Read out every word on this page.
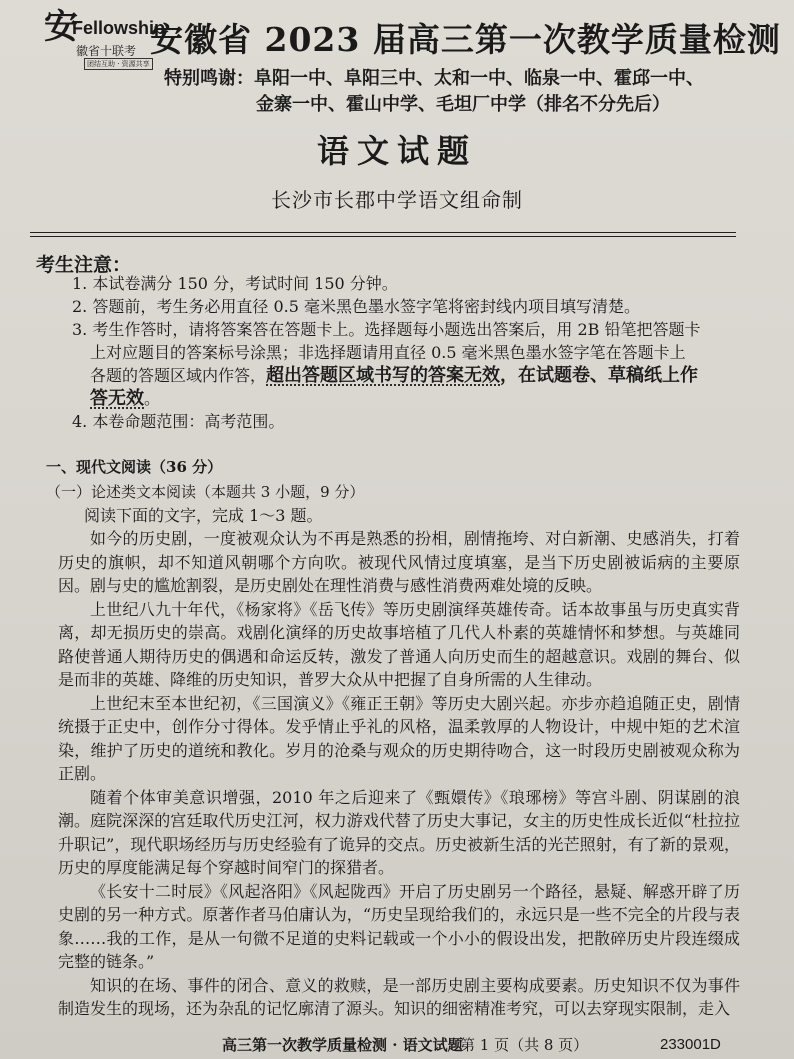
安
Fellowship
徽省十联考
团结互助 · 资源共享
安徽省 2023 届高三第一次教学质量检测
特别鸣谢：阜阳一中、阜阳三中、太和一中、临泉一中、霍邱一中、
金寨一中、霍山中学、毛坦厂中学（排名不分先后）
语文试题
长沙市长郡中学语文组命制
考生注意：

1. 本试卷满分 150 分，考试时间 150 分钟。

2. 答题前，考生务必用直径 0.5 毫米黑色墨水签字笔将密封线内项目填写清楚。

3. 考生作答时，请将答案答在答题卡上。选择题每小题选出答案后，用 2B 铅笔把答题卡

上对应题目的答案标号涂黑；非选择题请用直径 0.5 毫米黑色墨水签字笔在答题卡上

各题的答题区域内作答，超出答题区域书写的答案无效，在试题卷、草稿纸上作

答无效。

4. 本卷命题范围：高考范围。

一、现代文阅读（36 分）
（一）论述类文本阅读（本题共 3 小题，9 分）
阅读下面的文字，完成 1～3 题。

如今的历史剧，一度被观众认为不再是熟悉的扮相，剧情拖垮、对白新潮、史感消失，打着历史的旗帜，却不知道风朝哪个方向吹。被现代风情过度填塞，是当下历史剧被诟病的主要原因。剧与史的尴尬割裂，是历史剧处在理性消费与感性消费两难处境的反映。

上世纪八九十年代，《杨家将》《岳飞传》等历史剧演绎英雄传奇。话本故事虽与历史真实背离，却无损历史的崇高。戏剧化演绎的历史故事培植了几代人朴素的英雄情怀和梦想。与英雄同路使普通人期待历史的偶遇和命运反转，激发了普通人向历史而生的超越意识。戏剧的舞台、似是而非的英雄、降维的历史知识，普罗大众从中把握了自身所需的人生律动。

上世纪末至本世纪初，《三国演义》《雍正王朝》等历史大剧兴起。亦步亦趋追随正史，剧情统摄于正史中，创作分寸得体。发乎情止乎礼的风格，温柔敦厚的人物设计，中规中矩的艺术渲染，维护了历史的道统和教化。岁月的沧桑与观众的历史期待吻合，这一时段历史剧被观众称为正剧。

随着个体审美意识增强，2010 年之后迎来了《甄嬛传》《琅琊榜》等宫斗剧、阴谋剧的浪潮。庭院深深的宫廷取代历史江河，权力游戏代替了历史大事记，女主的历史性成长近似“杜拉拉升职记”，现代职场经历与历史经验有了诡异的交点。历史被新生活的光芒照射，有了新的景观，历史的厚度能满足每个穿越时间窄门的探猎者。

《长安十二时辰》《风起洛阳》《风起陇西》开启了历史剧另一个路径，悬疑、解惑开辟了历史剧的另一种方式。原著作者马伯庸认为，“历史呈现给我们的，永远只是一些不完全的片段与表象……我的工作，是从一句微不足道的史料记载或一个小小的假设出发，把散碎历史片段连缀成完整的链条。”

知识的在场、事件的闭合、意义的救赎，是一部历史剧主要构成要素。历史知识不仅为事件制造发生的现场，还为杂乱的记忆廓清了源头。知识的细密精准考究，可以去穿现实限制，走入

高三第一次教学质量检测 · 语文试题
第 1 页（共 8 页）	233001D
